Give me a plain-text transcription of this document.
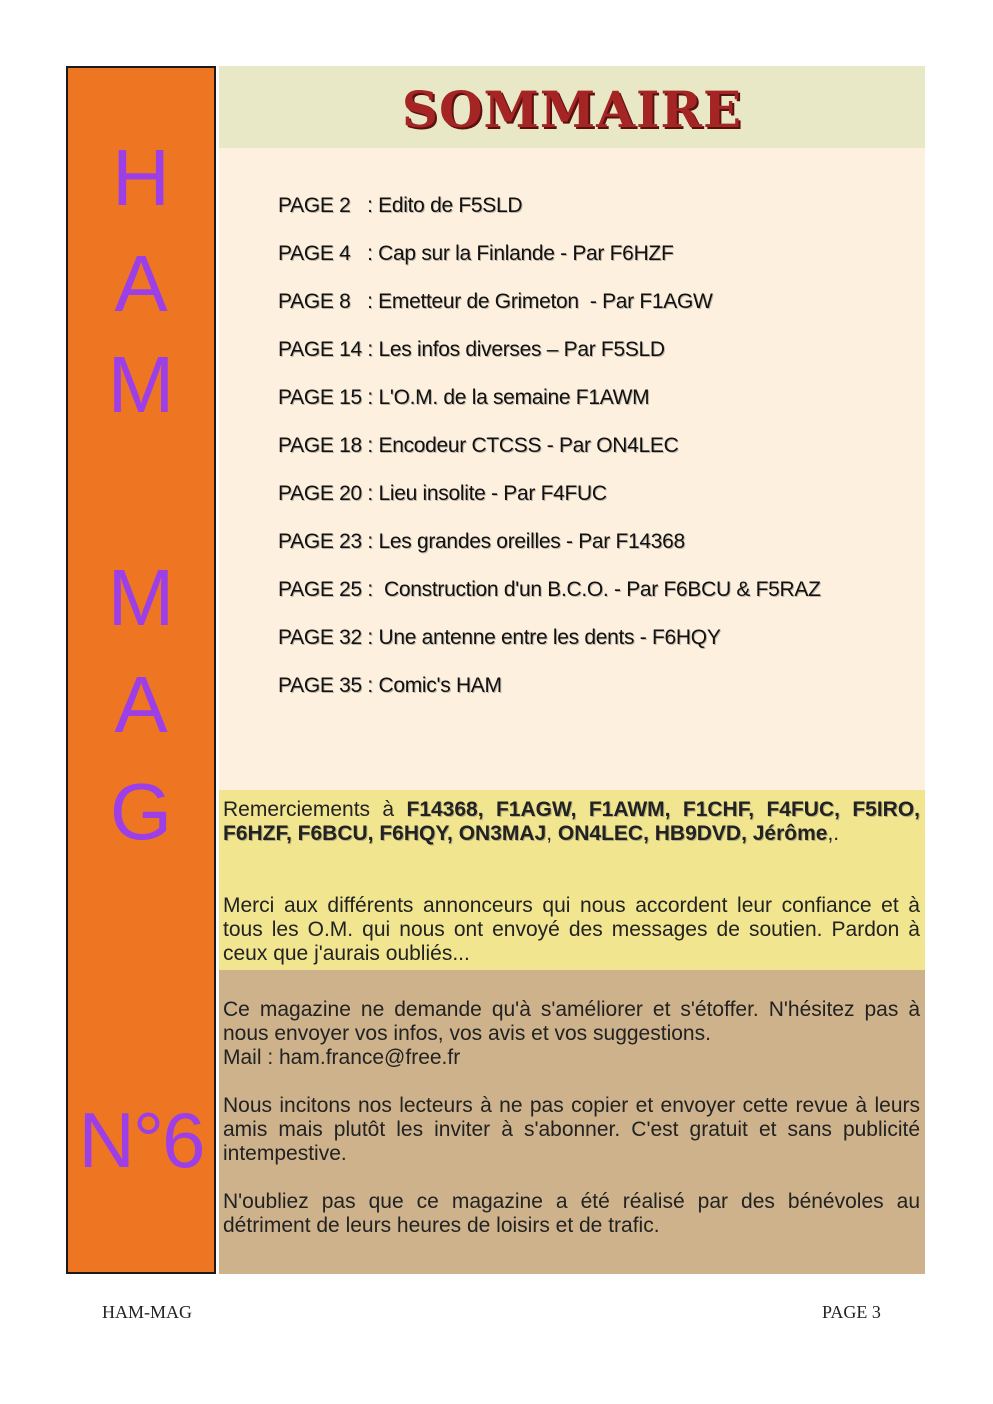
H
A
M
M
A
G
N°6
SOMMAIRE
PAGE 2   : Edito de F5SLD
PAGE 4   : Cap sur la Finlande - Par F6HZF
PAGE 8   : Emetteur de Grimeton  - Par F1AGW
PAGE 14 : Les infos diverses – Par F5SLD
PAGE 15 : L'O.M. de la semaine F1AWM
PAGE 18 : Encodeur CTCSS - Par ON4LEC
PAGE 20 : Lieu insolite - Par F4FUC
PAGE 23 : Les grandes oreilles - Par F14368
PAGE 25 :  Construction d'un B.C.O. - Par F6BCU & F5RAZ
PAGE 32 : Une antenne entre les dents - F6HQY
PAGE 35 : Comic's HAM

Remerciements à F14368, F1AGW, F1AWM, F1CHF, F4FUC, F5IRO, F6HZF, F6BCU, F6HQY, ON3MAJ, ON4LEC, HB9DVD, Jérôme,.

Merci aux différents annonceurs qui nous accordent leur confiance et à tous les O.M. qui nous ont envoyé des messages de soutien. Pardon à ceux que j'aurais oubliés...

Ce magazine ne demande qu'à s'améliorer et s'étoffer. N'hésitez pas à nous envoyer vos infos, vos avis et vos suggestions.

Mail : ham.france@free.fr

Nous incitons nos lecteurs à ne pas copier et envoyer cette revue à leurs amis mais plutôt les inviter à s'abonner. C'est gratuit et sans publicité intempestive.

N'oubliez pas que ce magazine a été réalisé par des bénévoles au détriment de leurs heures de loisirs et de trafic.

HAM-MAG	PAGE 3
